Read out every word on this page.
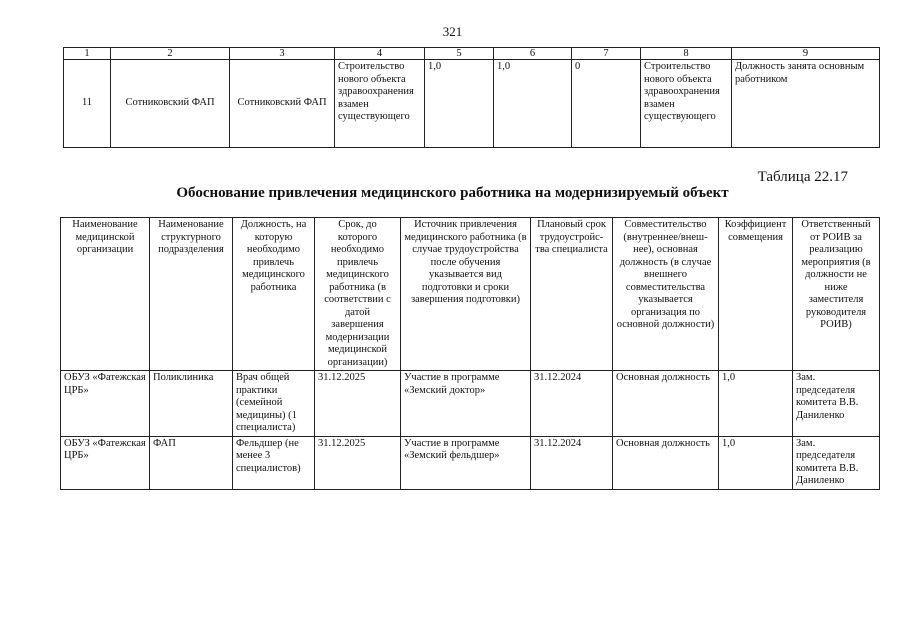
321
1	2	3	4	5	6	7	8	9
11	Сотниковский ФАП	Сотниковский ФАП	Строительство нового объекта здравоохранения взамен существующего	1,0	1,0	0	Строительство нового объекта здравоохранения взамен существующего	Должность занята основным работником
Таблица 22.17
Обоснование привлечения медицинского работника на модернизируемый объект
Наименование медицинской организации	Наименование структурного подразделения	Должность, на которую необходимо привлечь медицинского работника	Срок, до которого необходимо привлечь медицинского работника (в соответствии с датой завершения модернизации медицинской организации)	Источник привлечения медицинского работника (в случае трудоустройства после обучения указывается вид подготовки и сроки завершения подготовки)	Плановый срок трудоустройс-тва специалиста	Совместительство (внутреннее/внеш-нее), основная должность (в случае внешнего совместительства указывается организация по основной должности)	Коэффициент совмещения	Ответственный от РОИВ за реализацию мероприятия (в должности не ниже заместителя руководителя РОИВ)
ОБУЗ «Фатежская ЦРБ»	Поликлиника	Врач общей практики (семейной медицины) (1 специалиста)	31.12.2025	Участие в программе «Земский доктор»	31.12.2024	Основная должность	1,0	Зам. председателя комитета В.В. Даниленко
ОБУЗ «Фатежская ЦРБ»	ФАП	Фельдшер (не менее 3 специалистов)	31.12.2025	Участие в программе «Земский фельдшер»	31.12.2024	Основная должность	1,0	Зам. председателя комитета В.В. Даниленко
